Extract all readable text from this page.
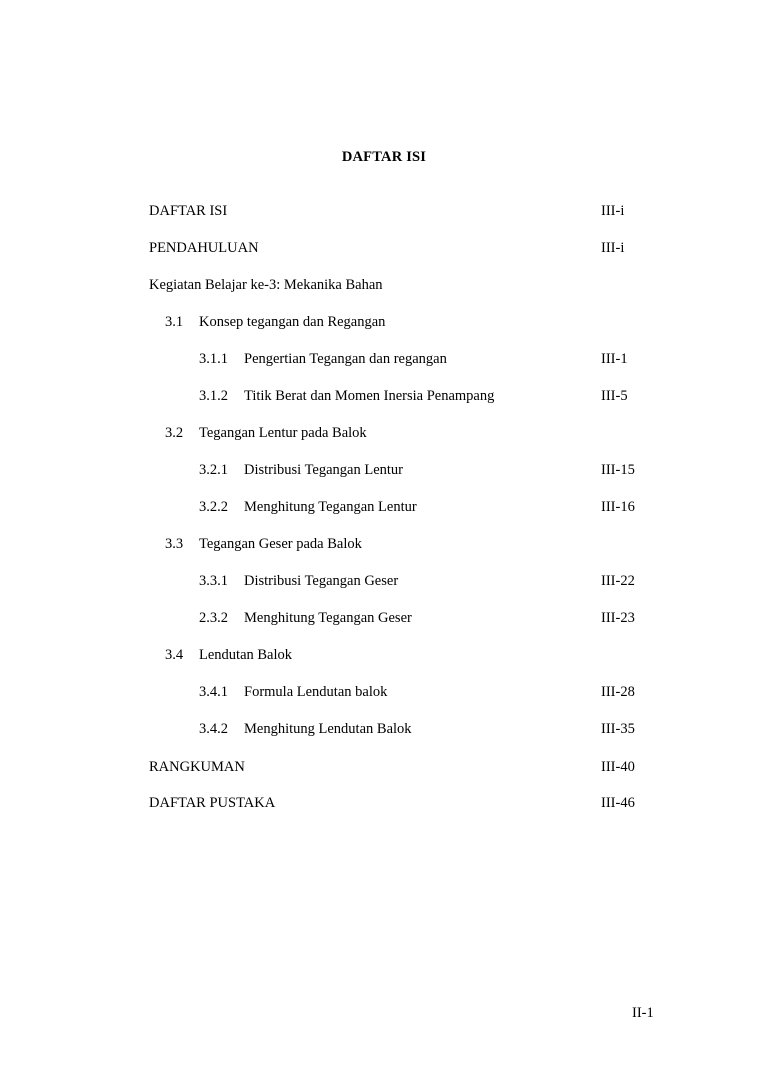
DAFTAR ISI
DAFTAR ISI	III-i
PENDAHULUAN	III-i
Kegiatan Belajar ke-3: Mekanika Bahan
3.1 Konsep tegangan dan Regangan
3.1.1 Pengertian Tegangan dan regangan	III-1
3.1.2 Titik Berat dan Momen Inersia Penampang	III-5
3.2 Tegangan Lentur pada Balok
3.2.1 Distribusi Tegangan Lentur	III-15
3.2.2 Menghitung Tegangan Lentur	III-16
3.3 Tegangan Geser pada Balok
3.3.1 Distribusi Tegangan Geser	III-22
2.3.2 Menghitung Tegangan Geser	III-23
3.4 Lendutan Balok
3.4.1 Formula Lendutan balok	III-28
3.4.2 Menghitung Lendutan Balok	III-35
RANGKUMAN	III-40
DAFTAR PUSTAKA	III-46
II-1
